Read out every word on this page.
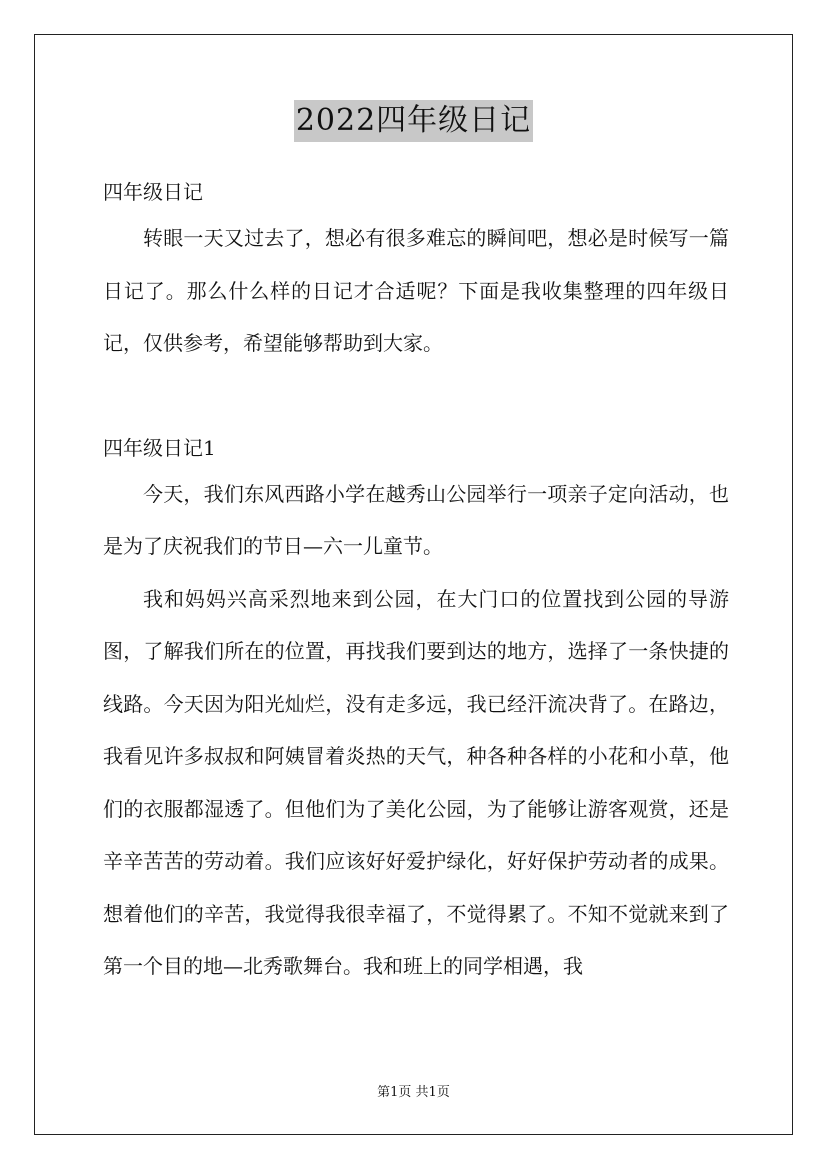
2022四年级日记

四年级日记

转眼一天又过去了，想必有很多难忘的瞬间吧，想必是时候写一篇日记了。那么什么样的日记才合适呢？下面是我收集整理的四年级日记，仅供参考，希望能够帮助到大家。

四年级日记1

今天，我们东风西路小学在越秀山公园举行一项亲子定向活动，也是为了庆祝我们的节日—六一儿童节。

我和妈妈兴高采烈地来到公园，在大门口的位置找到公园的导游图，了解我们所在的位置，再找我们要到达的地方，选择了一条快捷的线路。今天因为阳光灿烂，没有走多远，我已经汗流决背了。在路边，我看见许多叔叔和阿姨冒着炎热的天气，种各种各样的小花和小草，他们的衣服都湿透了。但他们为了美化公园，为了能够让游客观赏，还是辛辛苦苦的劳动着。我们应该好好爱护绿化，好好保护劳动者的成果。想着他们的辛苦，我觉得我很幸福了，不觉得累了。不知不觉就来到了第一个目的地—北秀歌舞台。我和班上的同学相遇，我

第1页 共1页
